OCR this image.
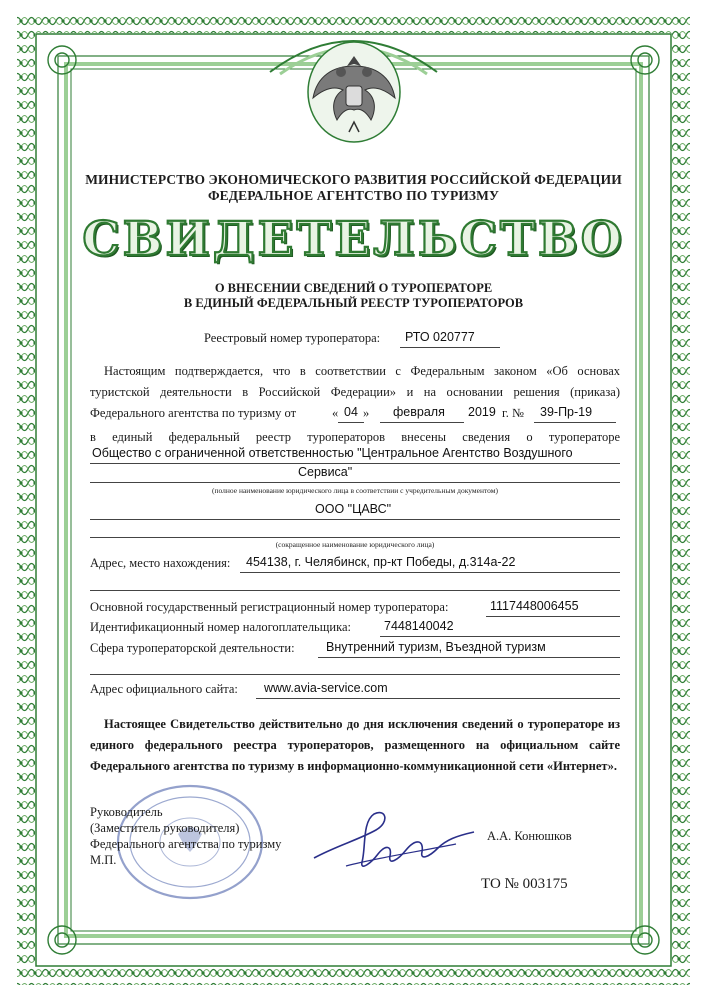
МИНИСТЕРСТВО ЭКОНОМИЧЕСКОГО РАЗВИТИЯ РОССИЙСКОЙ ФЕДЕРАЦИИ
ФЕДЕРАЛЬНОЕ АГЕНТСТВО ПО ТУРИЗМУ
СВИДЕТЕЛЬСТВО
О ВНЕСЕНИИ СВЕДЕНИЙ О ТУРОПЕРАТОРЕ
В ЕДИНЫЙ ФЕДЕРАЛЬНЫЙ РЕЕСТР ТУРОПЕРАТОРОВ
Реестровый номер туроператора: РТО 020777
Настоящим подтверждается, что в соответствии с Федеральным законом «Об основах
туристской деятельности в Российской Федерации» и на основании решения (приказа)
Федерального агентства по туризму от	« 04 » февраля 2019 г. № 39-Пр-19
в единый федеральный реестр туроператоров внесены сведения о туроператоре
Общество с ограниченной ответственностью "Центральное Агентство Воздушного
Сервиса"
(полное наименование юридического лица в соответствии с учредительным документом)
ООО "ЦАВС"
(сокращенное наименование юридического лица)
Адрес, место нахождения: 454138, г. Челябинск, пр-кт Победы, д.314а-22
Основной государственный регистрационный номер туроператора:	1117448006455
Идентификационный номер налогоплательщика:	7448140042
Сфера туроператорской деятельности:	Внутренний туризм, Въездной туризм
Адрес официального сайта: www.avia-service.com
Настоящее Свидетельство действительно до дня исключения сведений о туроператоре из единого федерального реестра туроператоров, размещенного на официальном сайте Федерального агентства по туризму в информационно-коммуникационной сети «Интернет».
Руководитель
(Заместитель руководителя)
Федерального агентства по туризму
М.П.
А.А. Конюшков
ТО № 003175
